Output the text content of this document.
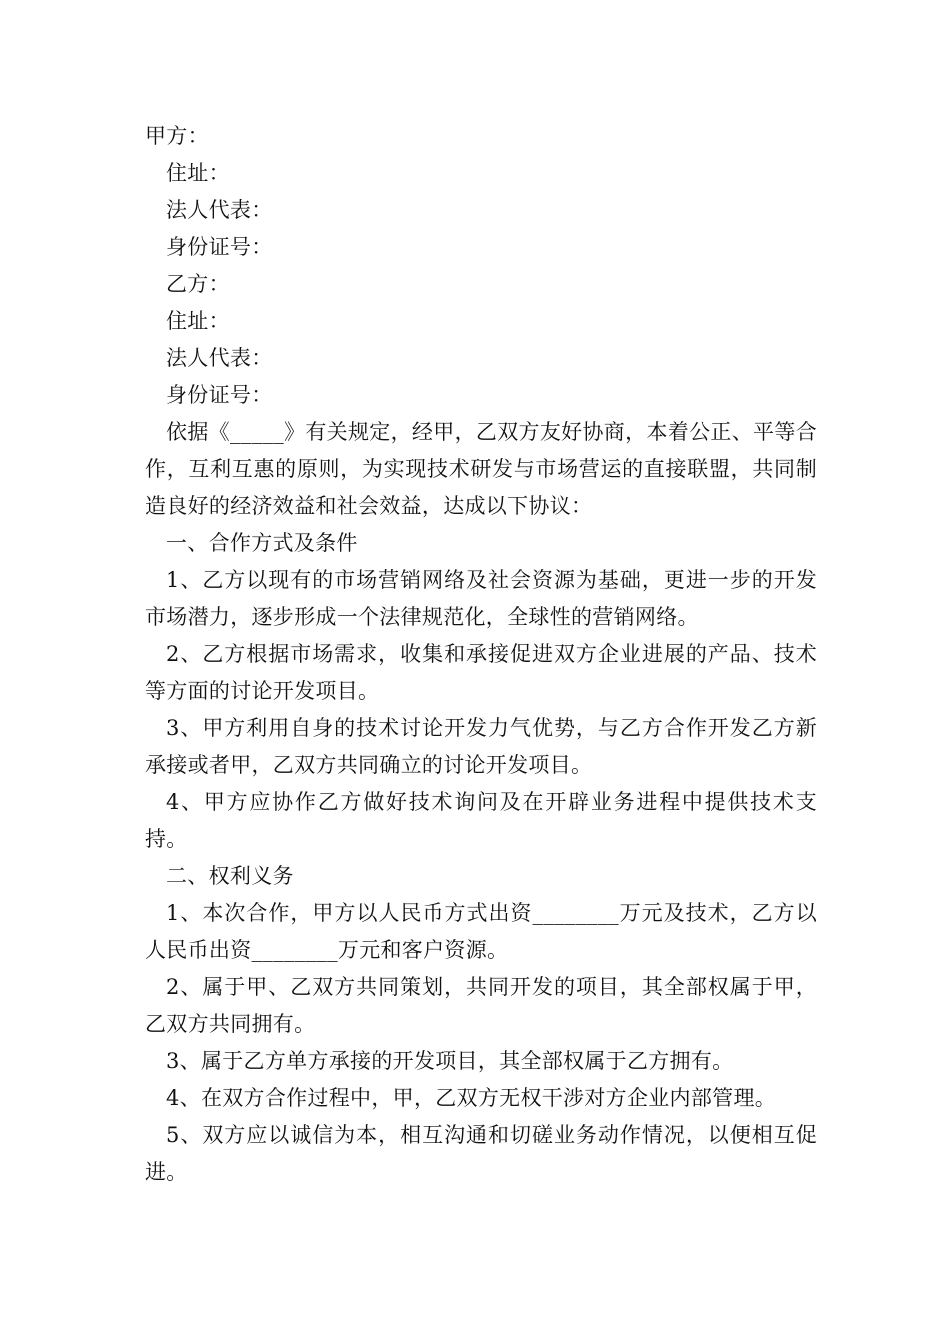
甲方：

住址：

法人代表：

身份证号：

乙方：

住址：

法人代表：

身份证号：

依据《_____》有关规定，经甲，乙双方友好协商，本着公正、平等合作，互利互惠的原则，为实现技术研发与市场营运的直接联盟，共同制造良好的经济效益和社会效益，达成以下协议：

一、合作方式及条件

1、乙方以现有的市场营销网络及社会资源为基础，更进一步的开发市场潜力，逐步形成一个法律规范化，全球性的营销网络。

2、乙方根据市场需求，收集和承接促进双方企业进展的产品、技术等方面的讨论开发项目。

3、甲方利用自身的技术讨论开发力气优势，与乙方合作开发乙方新承接或者甲，乙双方共同确立的讨论开发项目。

4、甲方应协作乙方做好技术询问及在开辟业务进程中提供技术支持。

二、权利义务

1、本次合作，甲方以人民币方式出资________万元及技术，乙方以人民币出资________万元和客户资源。

2、属于甲、乙双方共同策划，共同开发的项目，其全部权属于甲，乙双方共同拥有。

3、属于乙方单方承接的开发项目，其全部权属于乙方拥有。

4、在双方合作过程中，甲，乙双方无权干涉对方企业内部管理。

5、双方应以诚信为本，相互沟通和切磋业务动作情况，以便相互促进。
